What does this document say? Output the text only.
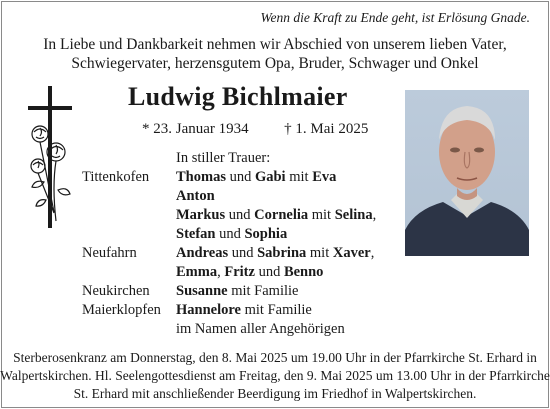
Wenn die Kraft zu Ende geht, ist Erlösung Gnade.
In Liebe und Dankbarkeit nehmen wir Abschied von unserem lieben Vater, Schwiegervater, herzensgutem Opa, Bruder, Schwager und Onkel
Ludwig Bichlmaier
* 23. Januar 1934 † 1. Mai 2025
In stiller Trauer:
Tittenkofen Thomas und Gabi mit Eva
Anton
Markus und Cornelia mit Selina,
Stefan und Sophia
Neufahrn	Andreas und Sabrina mit Xaver,
Emma, Fritz und Benno
Neukirchen Susanne mit Familie
Maierklopfen Hannelore mit Familie
im Namen aller Angehörigen
Sterberosenkranz am Donnerstag, den 8. Mai 2025 um 19.00 Uhr in der Pfarrkirche St. Erhard in Walpertskirchen. Hl. Seelengottesdienst am Freitag, den 9. Mai 2025 um 13.00 Uhr in der Pfarrkirche St. Erhard mit anschließender Beerdigung im Friedhof in Walpertskirchen.
